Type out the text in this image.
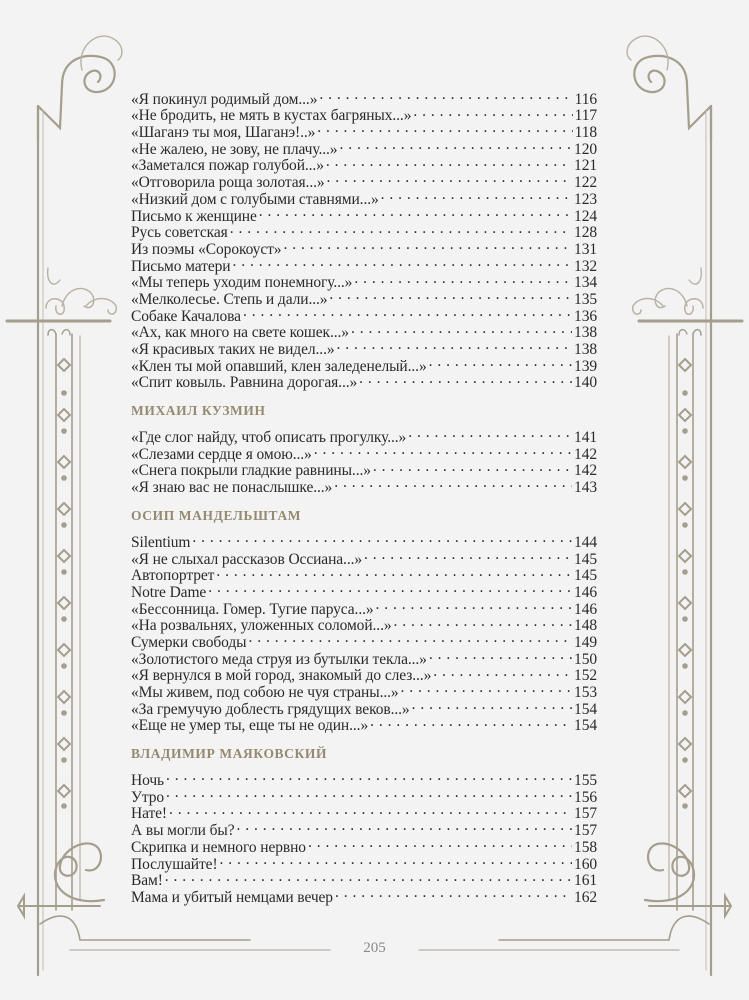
«Я покинул родимый дом...» . . .	116
«Не бродить, не мять в кустах багряных...» . . .	117
«Шаганэ ты моя, Шаганэ!..» . . .	118
«Не жалею, не зову, не плачу...» . . .	120
«Заметался пожар голубой...» . . .	121
«Отговорила роща золотая...» . . .	122
«Низкий дом с голубыми ставнями...» . . .	123
Письмо к женщине . . .	124
Русь советская . . .	128
Из поэмы «Сорокоуст» . . .	131
Письмо матери . . .	132
«Мы теперь уходим понемногу...» . . .	134
«Мелколесье. Степь и дали...» . . .	135
Собаке Качалова . . .	136
«Ах, как много на свете кошек...» . . .	138
«Я красивых таких не видел...» . . .	138
«Клен ты мой опавший, клен заледенелый...» . . .	139
«Спит ковыль. Равнина дорогая...» . . .	140
МИХАИЛ КУЗМИН
«Где слог найду, чтоб описать прогулку...» . . .	141
«Слезами сердце я омою...» . . .	142
«Снега покрыли гладкие равнины...» . . .	142
«Я знаю вас не понаслышке...» . . .	143
ОСИП МАНДЕЛЬШТАМ
Silentium . . .	144
«Я не слыхал рассказов Оссиана...» . . .	145
Автопортрет . . .	145
Notre Dame . . .	146
«Бессонница. Гомер. Тугие паруса...» . . .	146
«На розвальнях, уложенных соломой...» . . .	148
Сумерки свободы . . .	149
«Золотистого меда струя из бутылки текла...» . . .	150
«Я вернулся в мой город, знакомый до слез...» . . .	152
«Мы живем, под собою не чуя страны...» . . .	153
«За гремучую доблесть грядущих веков...» . . .	154
«Еще не умер ты, еще ты не один...» . . .	154
ВЛАДИМИР МАЯКОВСКИЙ
Ночь . . .	155
Утро . . .	156
Нате! . . .	157
А вы могли бы? . . .	157
Скрипка и немного нервно . . .	158
Послушайте! . . .	160
Вам! . . .	161
Мама и убитый немцами вечер . . .	162
205
